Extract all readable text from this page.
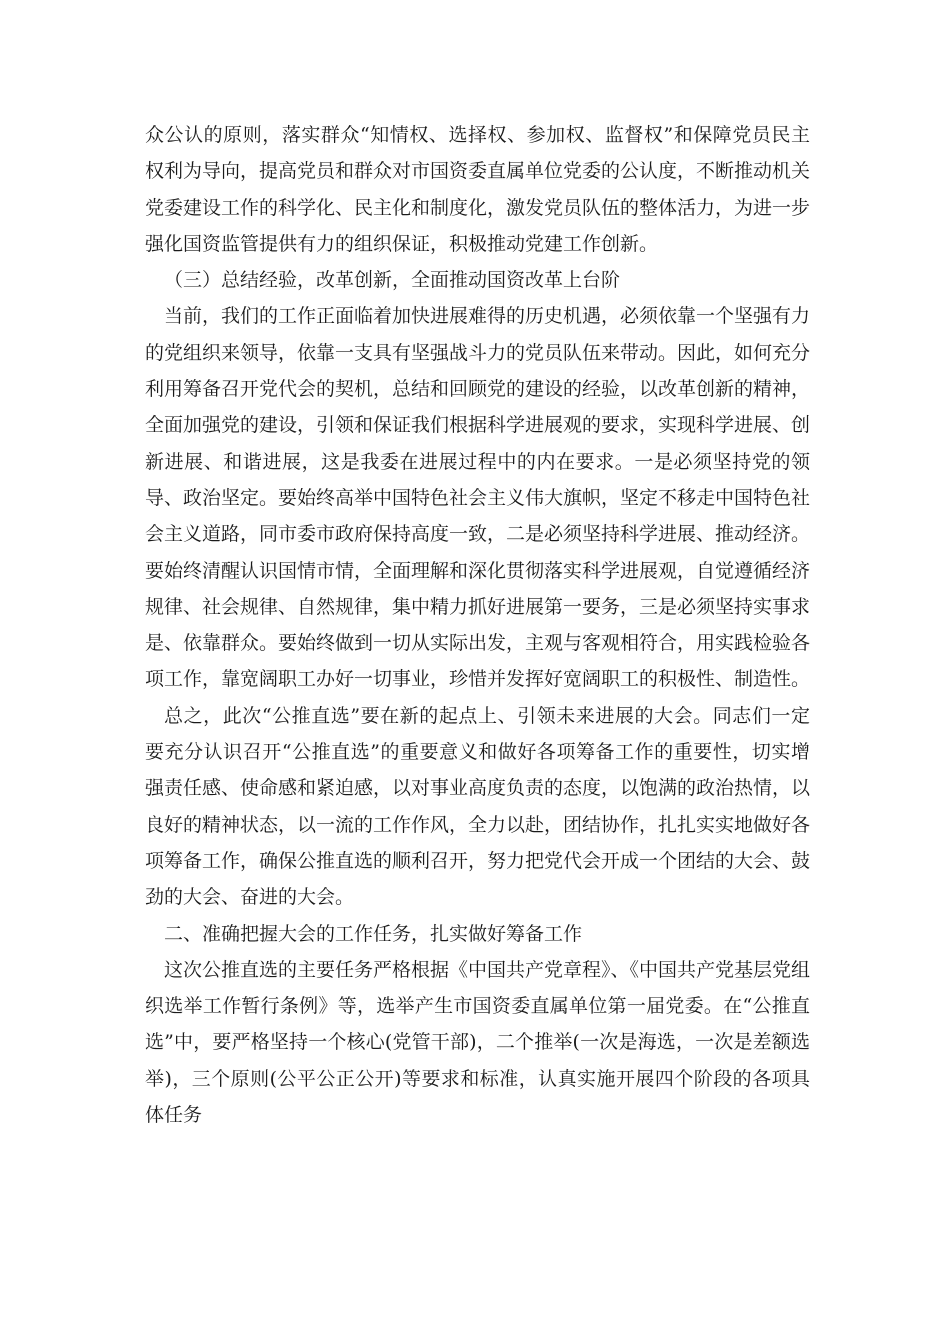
众公认的原则，落实群众“知情权、选择权、参加权、监督权”和保障党员民主权利为导向，提高党员和群众对市国资委直属单位党委的公认度，不断推动机关党委建设工作的科学化、民主化和制度化，激发党员队伍的整体活力，为进一步强化国资监管提供有力的组织保证，积极推动党建工作创新。

（三）总结经验，改革创新，全面推动国资改革上台阶

当前，我们的工作正面临着加快进展难得的历史机遇，必须依靠一个坚强有力的党组织来领导，依靠一支具有坚强战斗力的党员队伍来带动。因此，如何充分利用筹备召开党代会的契机，总结和回顾党的建设的经验，以改革创新的精神，全面加强党的建设，引领和保证我们根据科学进展观的要求，实现科学进展、创新进展、和谐进展，这是我委在进展过程中的内在要求。一是必须坚持党的领导、政治坚定。要始终高举中国特色社会主义伟大旗帜，坚定不移走中国特色社会主义道路，同市委市政府保持高度一致，二是必须坚持科学进展、推动经济。要始终清醒认识国情市情，全面理解和深化贯彻落实科学进展观，自觉遵循经济规律、社会规律、自然规律，集中精力抓好进展第一要务，三是必须坚持实事求是、依靠群众。要始终做到一切从实际出发，主观与客观相符合，用实践检验各项工作，靠宽阔职工办好一切事业，珍惜并发挥好宽阔职工的积极性、制造性。

总之，此次“公推直选”要在新的起点上、引领未来进展的大会。同志们一定要充分认识召开“公推直选”的重要意义和做好各项筹备工作的重要性，切实增强责任感、使命感和紧迫感，以对事业高度负责的态度，以饱满的政治热情，以良好的精神状态，以一流的工作作风，全力以赴，团结协作，扎扎实实地做好各项筹备工作，确保公推直选的顺利召开，努力把党代会开成一个团结的大会、鼓劲的大会、奋进的大会。

二、准确把握大会的工作任务，扎实做好筹备工作

这次公推直选的主要任务严格根据《中国共产党章程》、《中国共产党基层党组织选举工作暂行条例》等，选举产生市国资委直属单位第一届党委。在“公推直选”中，要严格坚持一个核心(党管干部)，二个推举(一次是海选，一次是差额选举)，三个原则(公平公正公开)等要求和标准，认真实施开展四个阶段的各项具体任务
